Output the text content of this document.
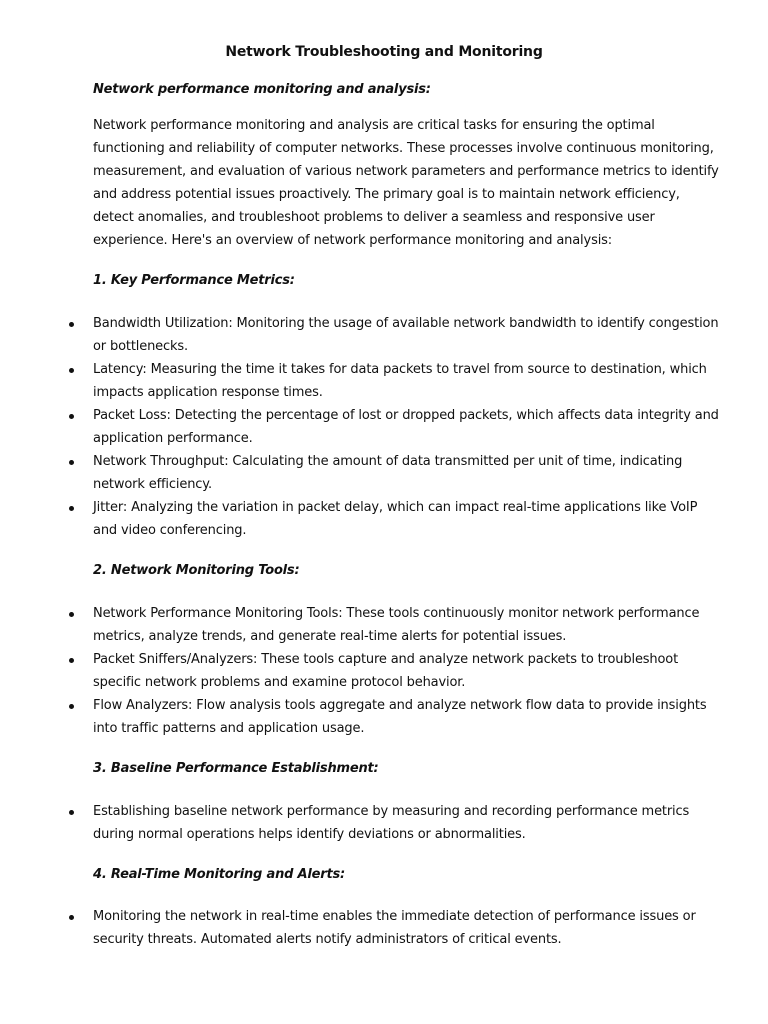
Network Troubleshooting and Monitoring
Network performance monitoring and analysis:
Network performance monitoring and analysis are critical tasks for ensuring the optimal functioning and reliability of computer networks. These processes involve continuous monitoring, measurement, and evaluation of various network parameters and performance metrics to identify and address potential issues proactively. The primary goal is to maintain network efficiency, detect anomalies, and troubleshoot problems to deliver a seamless and responsive user experience. Here's an overview of network performance monitoring and analysis:
1. Key Performance Metrics:
Bandwidth Utilization: Monitoring the usage of available network bandwidth to identify congestion or bottlenecks.
Latency: Measuring the time it takes for data packets to travel from source to destination, which impacts application response times.
Packet Loss: Detecting the percentage of lost or dropped packets, which affects data integrity and application performance.
Network Throughput: Calculating the amount of data transmitted per unit of time, indicating network efficiency.
Jitter: Analyzing the variation in packet delay, which can impact real-time applications like VoIP and video conferencing.
2. Network Monitoring Tools:
Network Performance Monitoring Tools: These tools continuously monitor network performance metrics, analyze trends, and generate real-time alerts for potential issues.
Packet Sniffers/Analyzers: These tools capture and analyze network packets to troubleshoot specific network problems and examine protocol behavior.
Flow Analyzers: Flow analysis tools aggregate and analyze network flow data to provide insights into traffic patterns and application usage.
3. Baseline Performance Establishment:
Establishing baseline network performance by measuring and recording performance metrics during normal operations helps identify deviations or abnormalities.
4. Real-Time Monitoring and Alerts:
Monitoring the network in real-time enables the immediate detection of performance issues or security threats. Automated alerts notify administrators of critical events.
